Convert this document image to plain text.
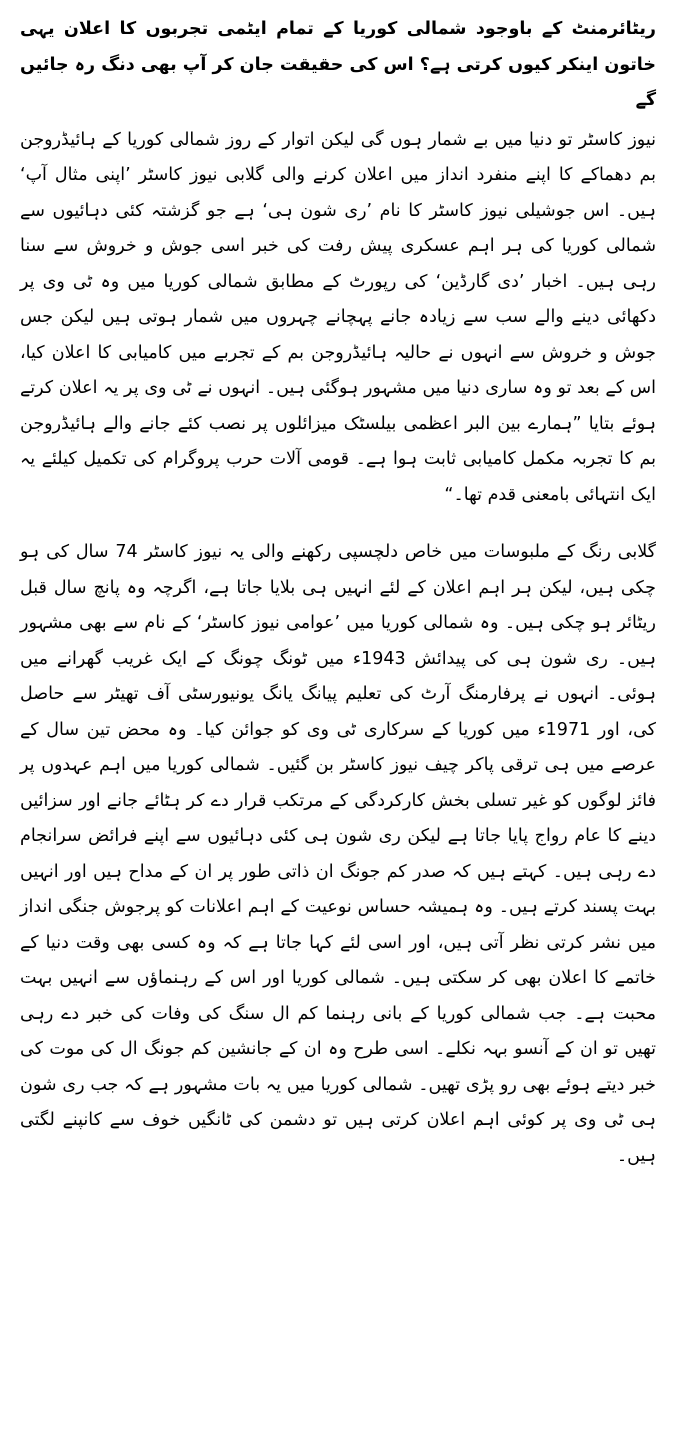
ریٹائرمنٹ کے باوجود شمالی کوریا کے تمام ایٹمی تجربوں کا اعلان یہی خاتون اینکر کیوں کرتی ہے؟ اس کی حقیقت جان کر آپ بھی دنگ رہ جائیں گے

نیوز کاسٹر تو دنیا میں بے شمار ہوں گی لیکن اتوار کے روز شمالی کوریا کے ہائیڈروجن بم دھماکے کا اپنے منفرد انداز میں اعلان کرنے والی گلابی نیوز کاسٹر ’اپنی مثال آپ‘ ہیں۔ اس جوشیلی نیوز کاسٹر کا نام ’ری شون ہی‘ ہے جو گزشتہ کئی دہائیوں سے شمالی کوریا کی ہر اہم عسکری پیش رفت کی خبر اسی جوش و خروش سے سنا رہی ہیں۔ اخبار ’دی گارڈین‘ کی رپورٹ کے مطابق شمالی کوریا میں وہ ٹی وی پر دکھائی دینے والے سب سے زیادہ جانے پہچانے چہروں میں شمار ہوتی ہیں لیکن جس جوش و خروش سے انہوں نے حالیہ ہائیڈروجن بم کے تجربے میں کامیابی کا اعلان کیا، اس کے بعد تو وہ ساری دنیا میں مشہور ہوگئی ہیں۔ انہوں نے ٹی وی پر یہ اعلان کرتے ہوئے بتایا ”ہمارے بین البر اعظمی بیلسٹک میزائلوں پر نصب کئے جانے والے ہائیڈروجن بم کا تجربہ مکمل کامیابی ثابت ہوا ہے۔ قومی آلات حرب پروگرام کی تکمیل کیلئے یہ ایک انتہائی بامعنی قدم تھا۔“

گلابی رنگ کے ملبوسات میں خاص دلچسپی رکھنے والی یہ نیوز کاسٹر 74 سال کی ہو چکی ہیں، لیکن ہر اہم اعلان کے لئے انہیں ہی بلایا جاتا ہے، اگرچہ وہ پانچ سال قبل ریٹائر ہو چکی ہیں۔ وہ شمالی کوریا میں ’عوامی نیوز کاسٹر‘ کے نام سے بھی مشہور ہیں۔ ری شون ہی کی پیدائش 1943ء میں ٹونگ چونگ کے ایک غریب گھرانے میں ہوئی۔ انہوں نے پرفارمنگ آرٹ کی تعلیم پیانگ یانگ یونیورسٹی آف تھیٹر سے حاصل کی، اور 1971ء میں کوریا کے سرکاری ٹی وی کو جوائن کیا۔ وہ محض تین سال کے عرصے میں ہی ترقی پاکر چیف نیوز کاسٹر بن گئیں۔ شمالی کوریا میں اہم عہدوں پر فائز لوگوں کو غیر تسلی بخش کارکردگی کے مرتکب قرار دے کر ہٹائے جانے اور سزائیں دینے کا عام رواج پایا جاتا ہے لیکن ری شون ہی کئی دہائیوں سے اپنے فرائض سرانجام دے رہی ہیں۔ کہتے ہیں کہ صدر کم جونگ ان ذاتی طور پر ان کے مداح ہیں اور انہیں بہت پسند کرتے ہیں۔ وہ ہمیشہ حساس نوعیت کے اہم اعلانات کو پرجوش جنگی انداز میں نشر کرتی نظر آتی ہیں، اور اسی لئے کہا جاتا ہے کہ وہ کسی بھی وقت دنیا کے خاتمے کا اعلان بھی کر سکتی ہیں۔ شمالی کوریا اور اس کے رہنماؤں سے انہیں بہت محبت ہے۔ جب شمالی کوریا کے بانی رہنما کم ال سنگ کی وفات کی خبر دے رہی تھیں تو ان کے آنسو بہہ نکلے۔ اسی طرح وہ ان کے جانشین کم جونگ ال کی موت کی خبر دیتے ہوئے بھی رو پڑی تھیں۔ شمالی کوریا میں یہ بات مشہور ہے کہ جب ری شون ہی ٹی وی پر کوئی اہم اعلان کرتی ہیں تو دشمن کی ٹانگیں خوف سے کانپنے لگتی ہیں۔
